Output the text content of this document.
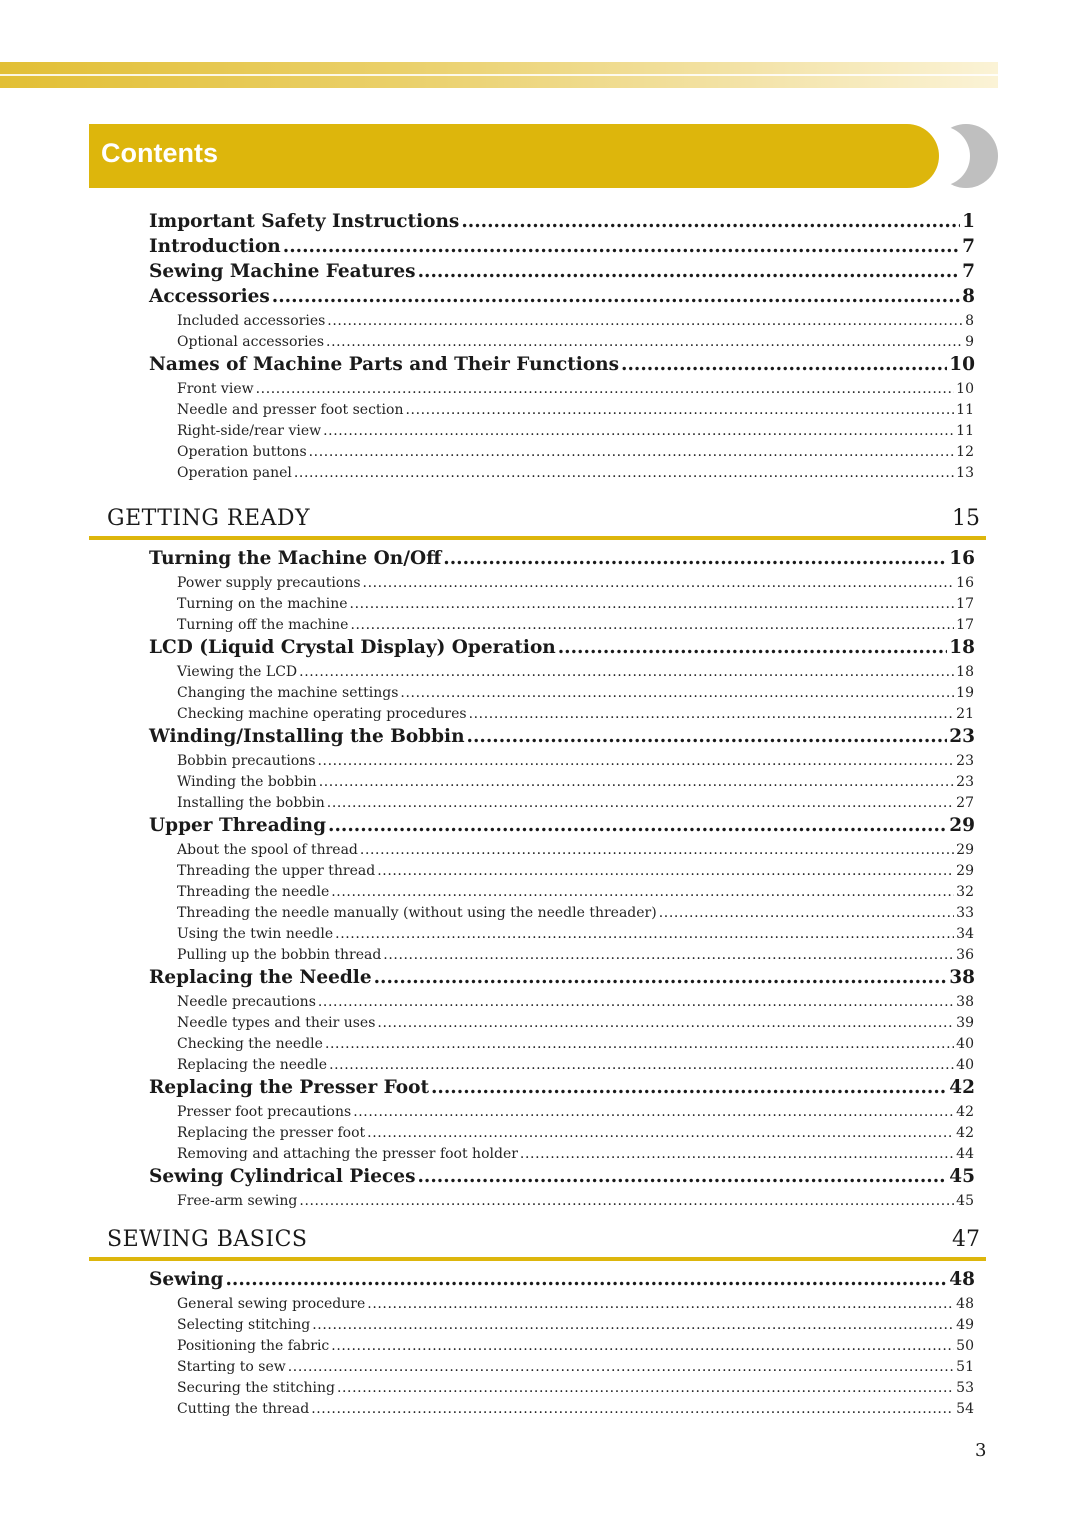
Contents
Important Safety Instructions .....	1
Introduction .....	7
Sewing Machine Features .....	7
Accessories .....	8
Included accessories .....	8
Optional accessories .....	9
Names of Machine Parts and Their Functions .....	10
Front view .....	10
Needle and presser foot section .....	11
Right-side/rear view .....	11
Operation buttons .....	12
Operation panel .....	13
GETTING READY	15
Turning the Machine On/Off .....	16
Power supply precautions .....	16
Turning on the machine .....	17
Turning off the machine .....	17
LCD (Liquid Crystal Display) Operation .....	18
Viewing the LCD .....	18
Changing the machine settings .....	19
Checking machine operating procedures .....	21
Winding/Installing the Bobbin .....	23
Bobbin precautions .....	23
Winding the bobbin .....	23
Installing the bobbin .....	27
Upper Threading .....	29
About the spool of thread .....	29
Threading the upper thread .....	29
Threading the needle .....	32
Threading the needle manually (without using the needle threader) .....	33
Using the twin needle .....	34
Pulling up the bobbin thread .....	36
Replacing the Needle .....	38
Needle precautions .....	38
Needle types and their uses .....	39
Checking the needle .....	40
Replacing the needle .....	40
Replacing the Presser Foot .....	42
Presser foot precautions .....	42
Replacing the presser foot .....	42
Removing and attaching the presser foot holder .....	44
Sewing Cylindrical Pieces .....	45
Free-arm sewing .....	45
SEWING BASICS	47
Sewing .....	48
General sewing procedure .....	48
Selecting stitching .....	49
Positioning the fabric .....	50
Starting to sew .....	51
Securing the stitching .....	53
Cutting the thread .....	54
3
